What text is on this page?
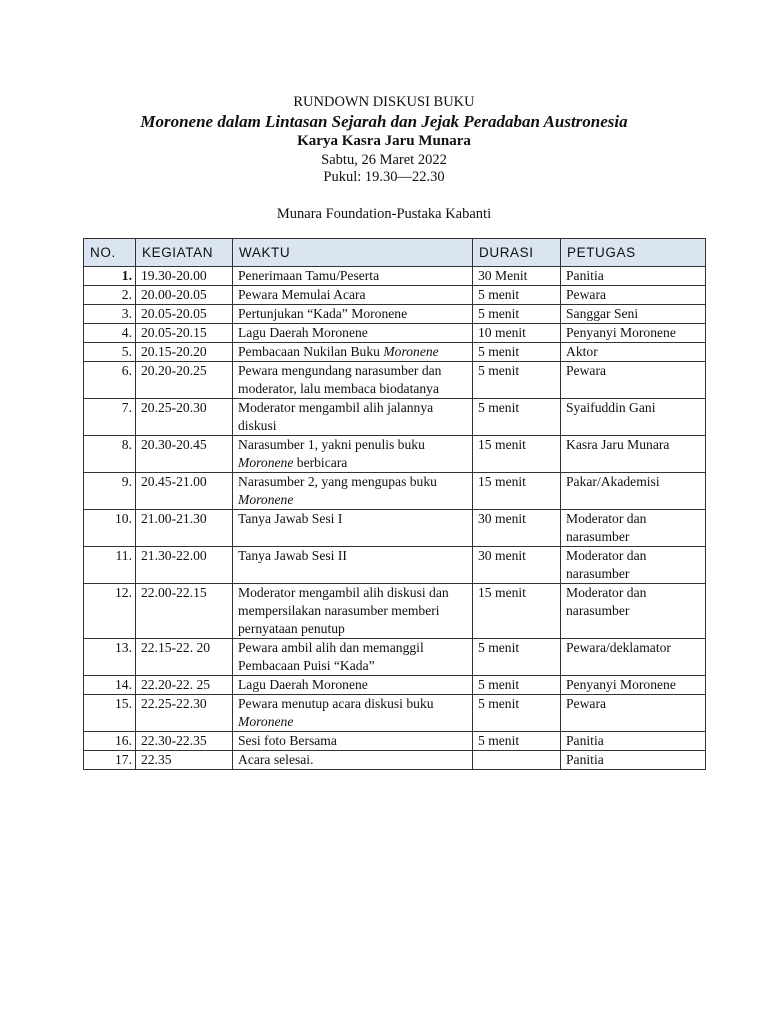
RUNDOWN DISKUSI BUKU
Moronene dalam Lintasan Sejarah dan Jejak Peradaban Austronesia
Karya Kasra Jaru Munara
Sabtu, 26 Maret 2022
Pukul: 19.30—22.30
Munara Foundation-Pustaka Kabanti
NO.	KEGIATAN	WAKTU	DURASI	PETUGAS
1.	19.30-20.00	Penerimaan Tamu/Peserta	30 Menit	Panitia
2.	20.00-20.05	Pewara Memulai Acara	5 menit	Pewara
3.	20.05-20.05	Pertunjukan “Kada” Moronene	5 menit	Sanggar Seni
4.	20.05-20.15	Lagu Daerah Moronene	10 menit	Penyanyi Moronene
5.	20.15-20.20	Pembacaan Nukilan Buku Moronene	5 menit	Aktor
6.	20.20-20.25	Pewara mengundang narasumber dan moderator, lalu membaca biodatanya	5 menit	Pewara
7.	20.25-20.30	Moderator mengambil alih jalannya diskusi	5 menit	Syaifuddin Gani
8.	20.30-20.45	Narasumber 1, yakni penulis buku Moronene berbicara	15 menit	Kasra Jaru Munara
9.	20.45-21.00	Narasumber 2, yang mengupas buku Moronene	15 menit	Pakar/Akademisi
10.	21.00-21.30	Tanya Jawab Sesi I	30 menit	Moderator dan narasumber
11.	21.30-22.00	Tanya Jawab Sesi II	30 menit	Moderator dan narasumber
12.	22.00-22.15	Moderator mengambil alih diskusi dan mempersilakan narasumber memberi pernyataan penutup	15 menit	Moderator dan narasumber
13.	22.15-22. 20	Pewara ambil alih dan memanggil Pembacaan Puisi “Kada”	5 menit	Pewara/deklamator
14.	22.20-22. 25	Lagu Daerah Moronene	5 menit	Penyanyi Moronene
15.	22.25-22.30	Pewara menutup acara diskusi buku Moronene	5 menit	Pewara
16.	22.30-22.35	Sesi foto Bersama	5 menit	Panitia
17.	22.35	Acara selesai.		Panitia
